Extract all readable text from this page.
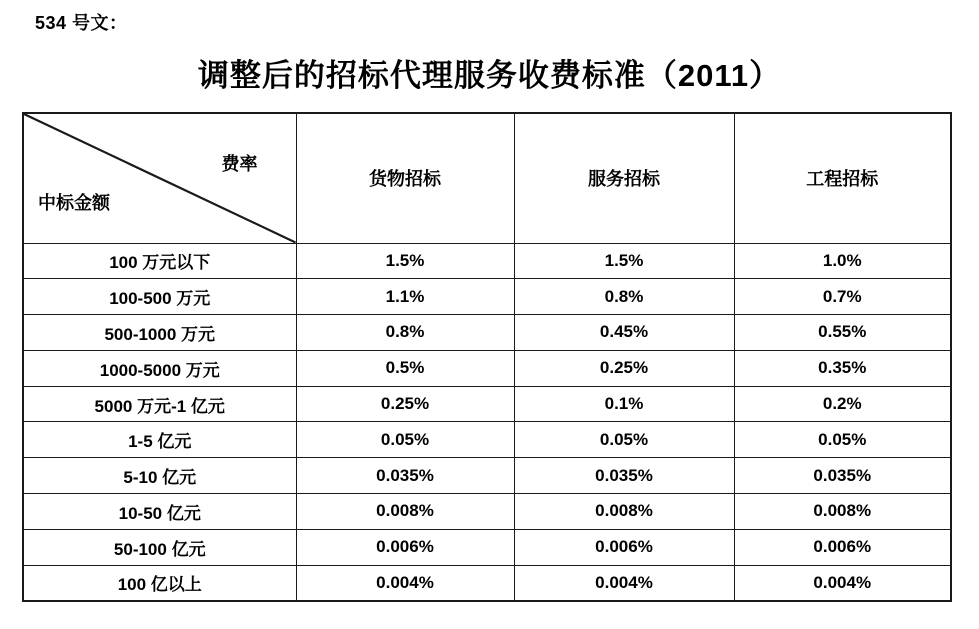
534 号文：
调整后的招标代理服务收费标准（2011）
费率
中标金额	货物招标	服务招标	工程招标
100 万元以下	1.5%	1.5%	1.0%
100-500 万元	1.1%	0.8%	0.7%
500-1000 万元	0.8%	0.45%	0.55%
1000-5000 万元	0.5%	0.25%	0.35%
5000 万元-1 亿元	0.25%	0.1%	0.2%
1-5 亿元	0.05%	0.05%	0.05%
5-10 亿元	0.035%	0.035%	0.035%
10-50 亿元	0.008%	0.008%	0.008%
50-100 亿元	0.006%	0.006%	0.006%
100 亿以上	0.004%	0.004%	0.004%
